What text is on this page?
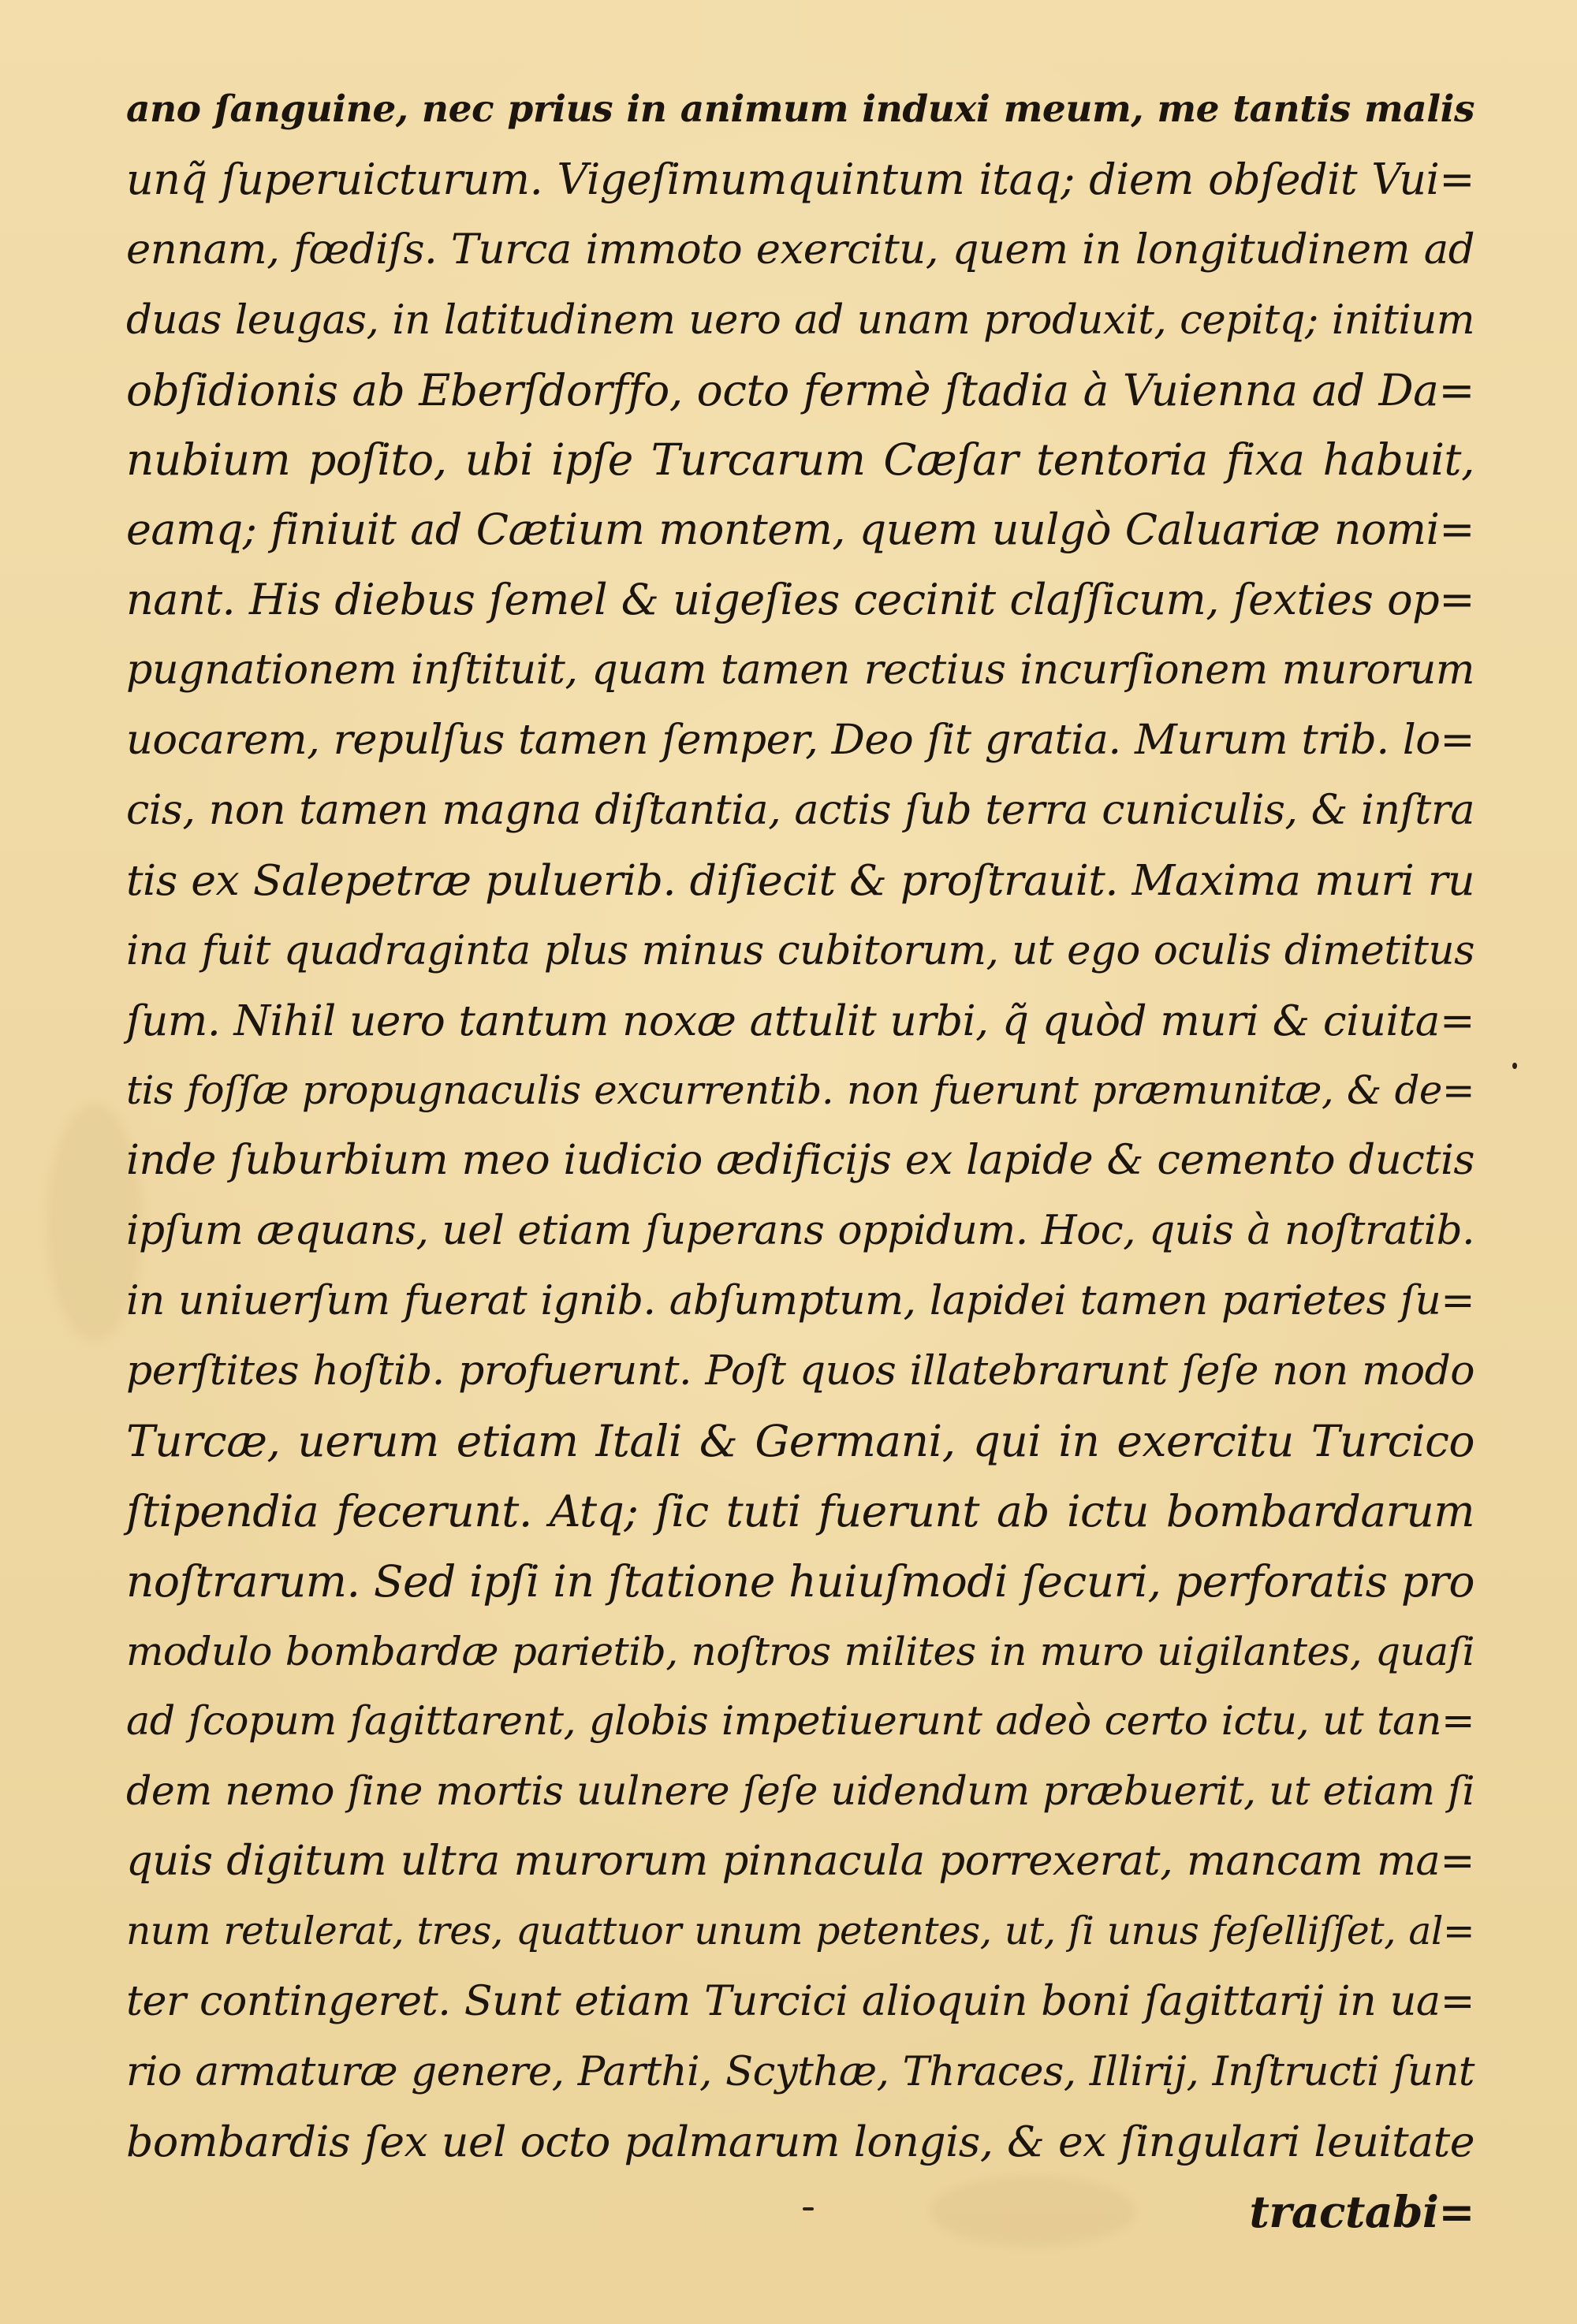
ano ſanguine, nec prius in animum induxi meum, me tantis malis
unq̃ ſuperuicturum. Vigeſimumquintum itaq; diem obſedit Vui=
ennam, fœdiſs. Turca immoto exercitu, quem in longitudinem ad
duas leugas, in latitudinem uero ad unam produxit, cepitq; initium
obſidionis ab Eberſdorffo, octo fermè ſtadia à Vuienna ad Da=
nubium poſito, ubi ipſe Turcarum Cæſar tentoria fixa habuit,
eamq; finiuit ad Cætium montem, quem uulgò Caluariæ nomi=
nant. His diebus ſemel & uigeſies cecinit claſſicum, ſexties op=
pugnationem inſtituit, quam tamen rectius incurſionem murorum
uocarem, repulſus tamen ſemper, Deo ſit gratia. Murum trib. lo=
cis, non tamen magna diſtantia, actis ſub terra cuniculis, & inſtra
tis ex Salepetræ puluerib. diſiecit & proſtrauit. Maxima muri ru
ina fuit quadraginta plus minus cubitorum, ut ego oculis dimetitus
ſum. Nihil uero tantum noxæ attulit urbi, q̃ quòd muri & ciuita=
tis foſſæ propugnaculis excurrentib. non fuerunt præmunitæ, & de=
inde ſuburbium meo iudicio ædificijs ex lapide & cemento ductis
ipſum æquans, uel etiam ſuperans oppidum. Hoc, quis à noſtratib.
in uniuerſum fuerat ignib. abſumptum, lapidei tamen parietes ſu=
perſtites hoſtib. profuerunt. Poſt quos illatebrarunt ſeſe non modo
Turcæ, uerum etiam Itali & Germani, qui in exercitu Turcico
ſtipendia fecerunt. Atq; ſic tuti fuerunt ab ictu bombardarum
noſtrarum. Sed ipſi in ſtatione huiuſmodi ſecuri, perforatis pro
modulo bombardæ parietib, noſtros milites in muro uigilantes, quaſi
ad ſcopum ſagittarent, globis impetiuerunt adeò certo ictu, ut tan=
dem nemo ſine mortis uulnere ſeſe uidendum præbuerit, ut etiam ſi
quis digitum ultra murorum pinnacula porrexerat, mancam ma=
num retulerat, tres, quattuor unum petentes, ut, ſi unus feſelliſſet, al=
ter contingeret. Sunt etiam Turcici alioquin boni ſagittarij in ua=
rio armaturæ genere, Parthi, Scythæ, Thraces, Illirij, Inſtructi ſunt
bombardis ſex uel octo palmarum longis, & ex ſingulari leuitate
tractabi=
